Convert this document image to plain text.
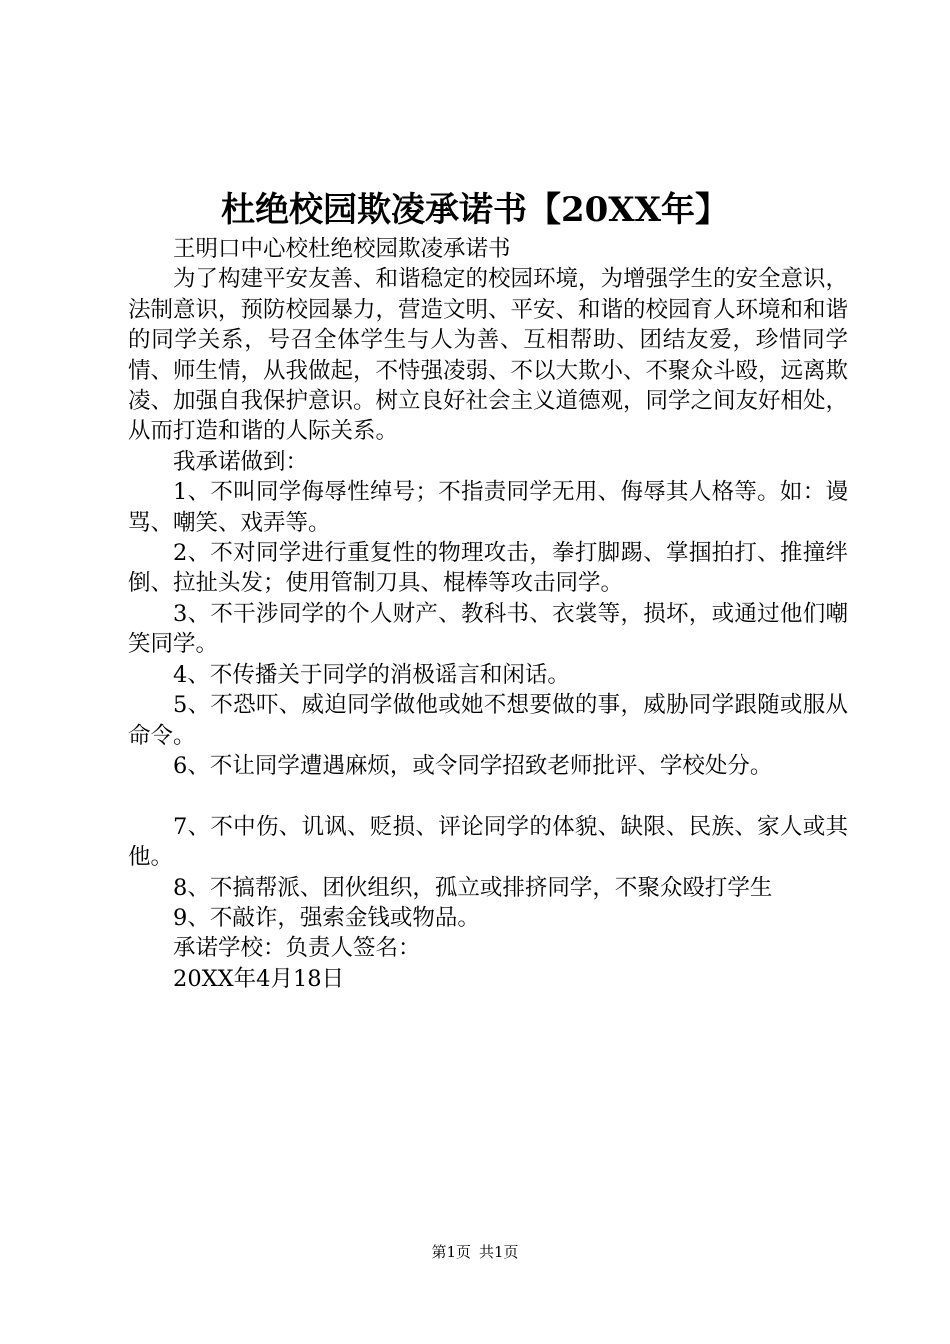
杜绝校园欺凌承诺书【20XX年】

王明口中心校杜绝校园欺凌承诺书

为了构建平安友善、和谐稳定的校园环境，为增强学生的安全意识，法制意识，预防校园暴力，营造文明、平安、和谐的校园育人环境和和谐的同学关系，号召全体学生与人为善、互相帮助、团结友爱，珍惜同学情、师生情，从我做起，不恃强凌弱、不以大欺小、不聚众斗殴，远离欺凌、加强自我保护意识。树立良好社会主义道德观，同学之间友好相处，从而打造和谐的人际关系。

我承诺做到：

1、不叫同学侮辱性绰号；不指责同学无用、侮辱其人格等。如：谩骂、嘲笑、戏弄等。

2、不对同学进行重复性的物理攻击，拳打脚踢、掌掴拍打、推撞绊倒、拉扯头发；使用管制刀具、棍棒等攻击同学。

3、不干涉同学的个人财产、教科书、衣裳等，损坏，或通过他们嘲笑同学。

4、不传播关于同学的消极谣言和闲话。

5、不恐吓、威迫同学做他或她不想要做的事，威胁同学跟随或服从命令。

6、不让同学遭遇麻烦，或令同学招致老师批评、学校处分。

7、不中伤、讥讽、贬损、评论同学的体貌、缺限、民族、家人或其他。

8、不搞帮派、团伙组织，孤立或排挤同学，不聚众殴打学生

9、不敲诈，强索金钱或物品。

承诺学校：负责人签名：

20XX年4月18日

第1页 共1页
